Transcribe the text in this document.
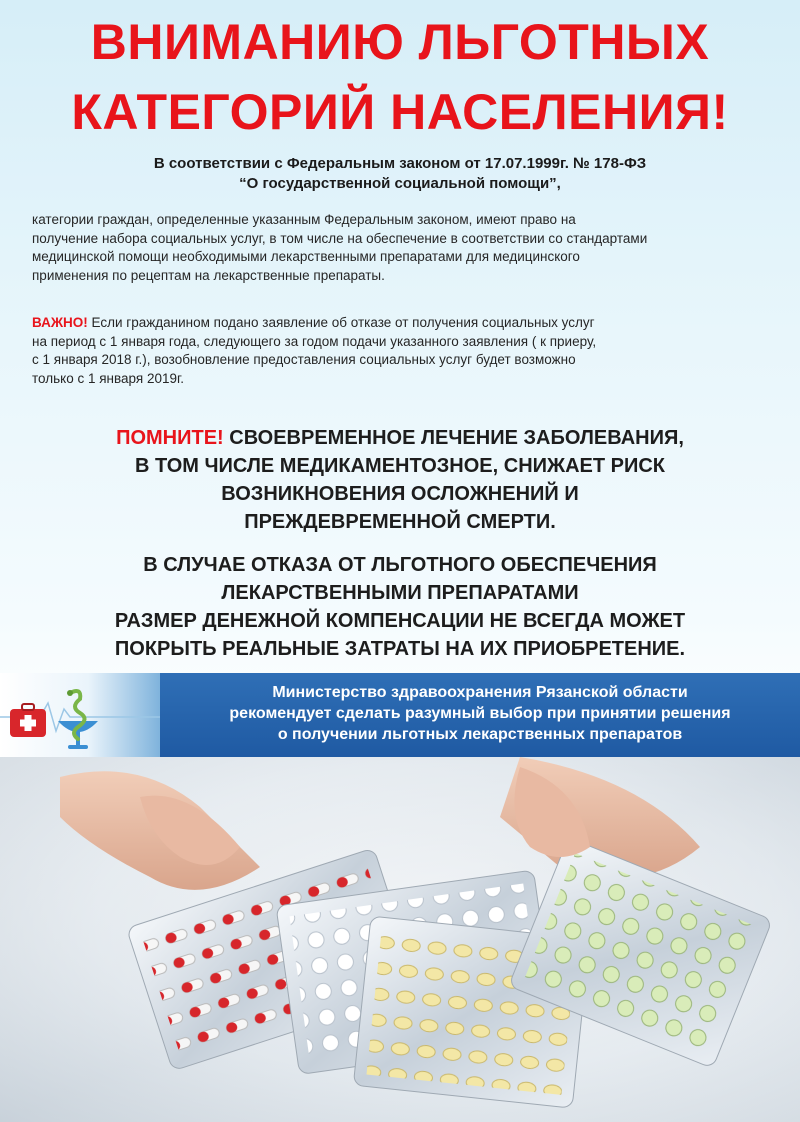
ВНИМАНИЮ ЛЬГОТНЫХ
КАТЕГОРИЙ НАСЕЛЕНИЯ!
В соответствии с Федеральным законом от 17.07.1999г. № 178-ФЗ
“О государственной социальной помощи”,
категории граждан, определенные указанным Федеральным законом, имеют право на
получение набора социальных услуг, в том числе на обеспечение в соответствии со стандартами
медицинской помощи необходимыми лекарственными препаратами для медицинского
применения по рецептам на лекарственные препараты.
ВАЖНО! Если гражданином подано заявление об отказе от получения социальных услуг
на период с 1 января года, следующего за годом подачи указанного заявления ( к приеру,
с 1 января 2018 г.), возобновление предоставления социальных услуг будет возможно
только с 1 января 2019г.
ПОМНИТЕ! СВОЕВРЕМЕННОЕ ЛЕЧЕНИЕ ЗАБОЛЕВАНИЯ,
В ТОМ ЧИСЛЕ МЕДИКАМЕНТОЗНОЕ, СНИЖАЕТ РИСК
ВОЗНИКНОВЕНИЯ ОСЛОЖНЕНИЙ И
ПРЕЖДЕВРЕМЕННОЙ СМЕРТИ.
В СЛУЧАЕ ОТКАЗА ОТ ЛЬГОТНОГО ОБЕСПЕЧЕНИЯ
ЛЕКАРСТВЕННЫМИ ПРЕПАРАТАМИ
РАЗМЕР ДЕНЕЖНОЙ КОМПЕНСАЦИИ НЕ ВСЕГДА МОЖЕТ
ПОКРЫТЬ РЕАЛЬНЫЕ ЗАТРАТЫ НА ИХ ПРИОБРЕТЕНИЕ.
Министерство здравоохранения Рязанской области
рекомендует сделать разумный выбор при принятии решения
о получении льготных лекарственных препаратов
